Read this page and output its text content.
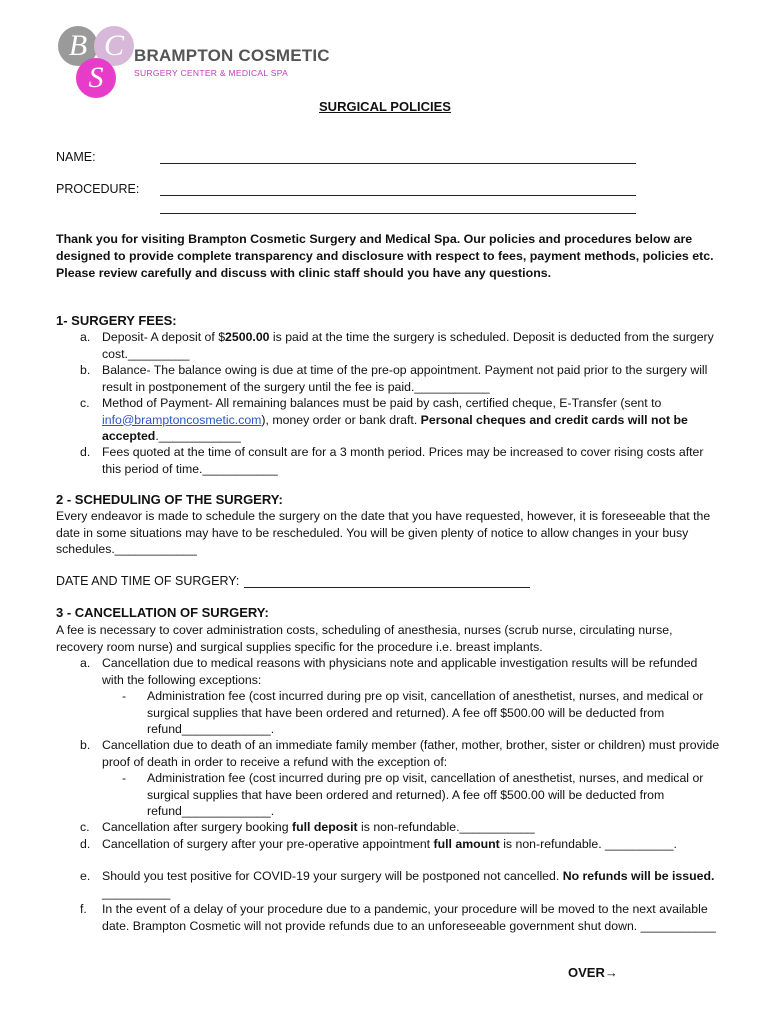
B C
S
BRAMPTON COSMETIC
SURGERY CENTER & MEDICAL SPA
SURGICAL POLICIES
NAME:
PROCEDURE:
Thank you for visiting Brampton Cosmetic Surgery and Medical Spa. Our policies and procedures below are designed to provide complete transparency and disclosure with respect to fees, payment methods, policies etc. Please review carefully and discuss with clinic staff should you have any questions.
1- SURGERY FEES:
a. Deposit- A deposit of $2500.00 is paid at the time the surgery is scheduled. Deposit is deducted from the surgery cost._________
b. Balance- The balance owing is due at time of the pre-op appointment. Payment not paid prior to the surgery will result in postponement of the surgery until the fee is paid.___________
c. Method of Payment- All remaining balances must be paid by cash, certified cheque, E-Transfer (sent to info@bramptoncosmetic.com), money order or bank draft. Personal cheques and credit cards will not be accepted.____________
d. Fees quoted at the time of consult are for a 3 month period. Prices may be increased to cover rising costs after this period of time.___________
2 - SCHEDULING OF THE SURGERY:
Every endeavor is made to schedule the surgery on the date that you have requested, however, it is foreseeable that the date in some situations may have to be rescheduled. You will be given plenty of notice to allow changes in your busy schedules.____________
DATE AND TIME OF SURGERY:
3 - CANCELLATION OF SURGERY:
A fee is necessary to cover administration costs, scheduling of anesthesia, nurses (scrub nurse, circulating nurse, recovery room nurse) and surgical supplies specific for the procedure i.e. breast implants.
a. Cancellation due to medical reasons with physicians note and applicable investigation results will be refunded with the following exceptions:
- Administration fee (cost incurred during pre op visit, cancellation of anesthetist, nurses, and medical or surgical supplies that have been ordered and returned). A fee off $500.00 will be deducted from refund_____________.
b. Cancellation due to death of an immediate family member (father, mother, brother, sister or children) must provide proof of death in order to receive a refund with the exception of:
- Administration fee (cost incurred during pre op visit, cancellation of anesthetist, nurses, and medical or surgical supplies that have been ordered and returned). A fee off $500.00 will be deducted from refund_____________.
c. Cancellation after surgery booking full deposit is non-refundable.___________
d. Cancellation of surgery after your pre-operative appointment full amount is non-refundable. __________.
e. Should you test positive for COVID-19 your surgery will be postponed not cancelled. No refunds will be issued. __________
f. In the event of a delay of your procedure due to a pandemic, your procedure will be moved to the next available date. Brampton Cosmetic will not provide refunds due to an unforeseeable government shut down. ___________
OVER→
